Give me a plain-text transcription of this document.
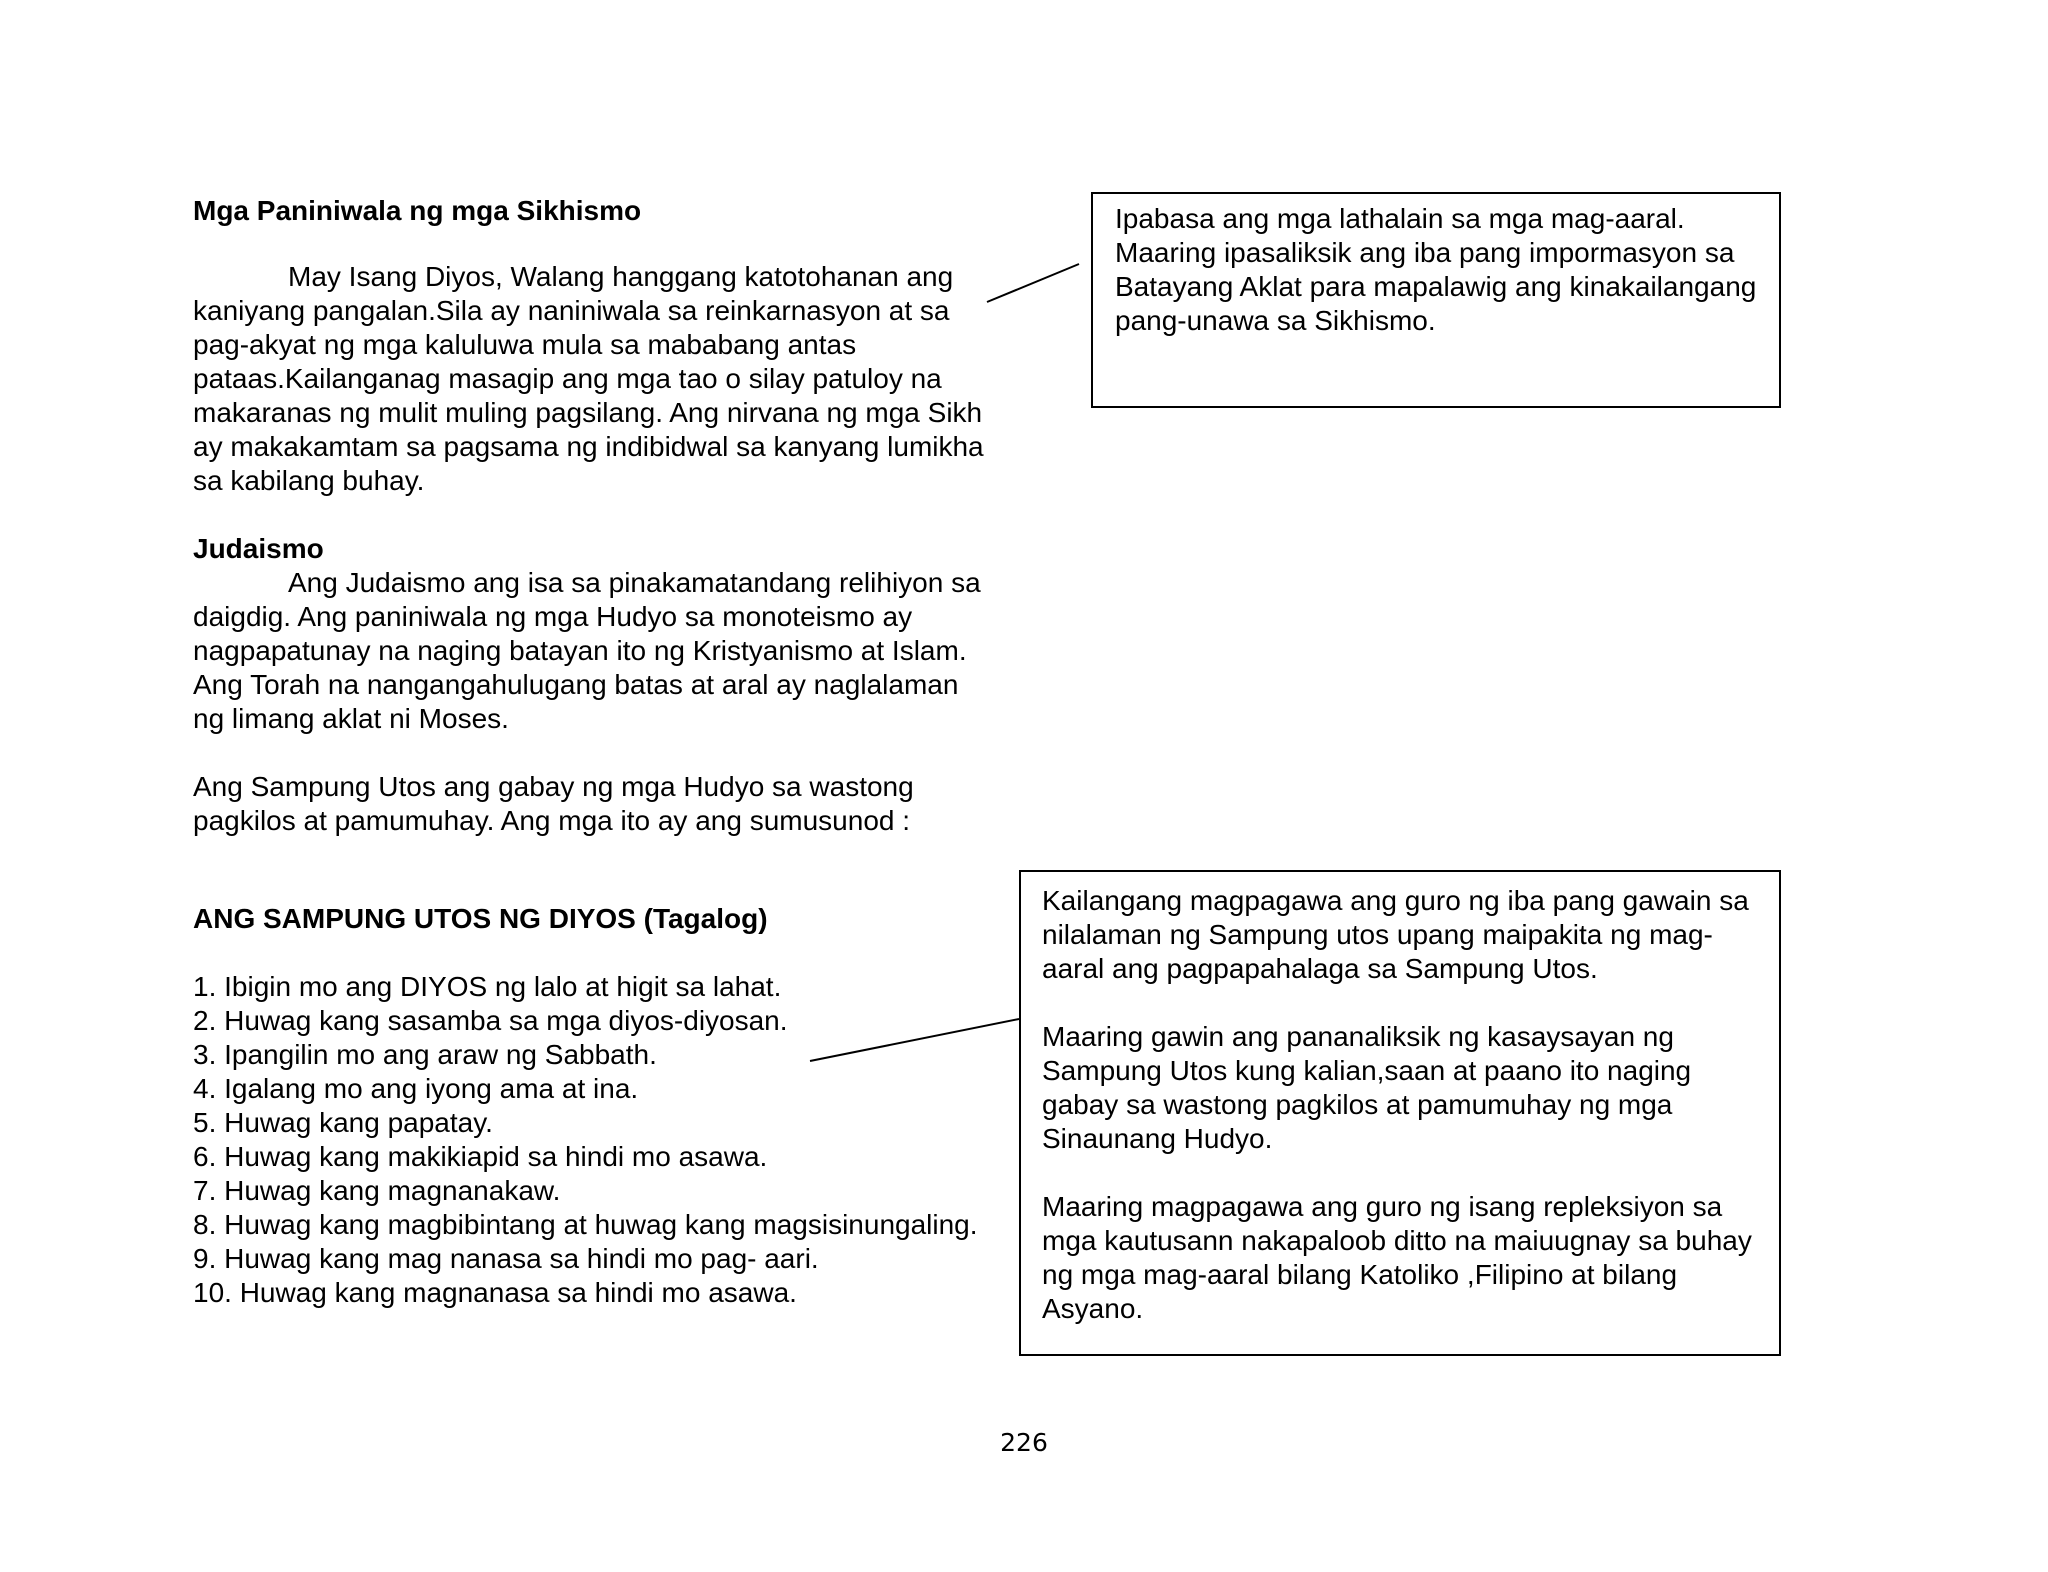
Mga Paniniwala ng mga Sikhismo

May Isang Diyos, Walang hanggang katotohanan ang kaniyang pangalan.Sila ay naniniwala sa reinkarnasyon at sa pag-akyat ng mga kaluluwa mula sa mababang antas pataas.Kailanganag masagip ang mga tao o silay patuloy na makaranas ng mulit muling pagsilang. Ang nirvana ng mga Sikh ay makakamtam sa pagsama ng indibidwal sa kanyang lumikha sa kabilang buhay.

Judaismo

Ang Judaismo ang isa sa pinakamatandang relihiyon sa daigdig. Ang paniniwala ng mga Hudyo sa monoteismo ay nagpapatunay na naging batayan ito ng Kristyanismo at Islam. Ang Torah na nangangahulugang batas at aral ay naglalaman ng limang aklat ni Moses.

Ang Sampung Utos ang gabay ng mga Hudyo sa wastong pagkilos at pamumuhay. Ang mga ito ay ang sumusunod :

ANG SAMPUNG UTOS NG DIYOS (Tagalog)

1. Ibigin mo ang DIYOS ng lalo at higit sa lahat.
2. Huwag kang sasamba sa mga diyos-diyosan.
3. Ipangilin mo ang araw ng Sabbath.
4. Igalang mo ang iyong ama at ina.
5. Huwag kang papatay.
6. Huwag kang makikiapid sa hindi mo asawa.
7. Huwag kang magnanakaw.
8. Huwag kang magbibintang at huwag kang magsisinungaling.
9. Huwag kang mag nanasa sa hindi mo pag- aari.
10. Huwag kang magnanasa sa hindi mo asawa.

Ipabasa ang mga lathalain sa mga mag-aaral. Maaring ipasaliksik ang iba pang impormasyon sa Batayang Aklat para mapalawig ang kinakailangang pang-unawa sa Sikhismo.

Kailangang magpagawa ang guro ng iba pang gawain sa nilalaman ng Sampung utos upang maipakita ng mag-aaral ang pagpapahalaga sa Sampung Utos.

Maaring gawin ang pananaliksik ng kasaysayan ng Sampung Utos kung kalian,saan at paano ito naging gabay sa wastong pagkilos at pamumuhay ng mga Sinaunang Hudyo.

Maaring magpagawa ang guro ng isang repleksiyon sa mga kautusann nakapaloob ditto na maiuugnay sa buhay ng mga mag-aaral bilang Katoliko ,Filipino at bilang Asyano.

226
